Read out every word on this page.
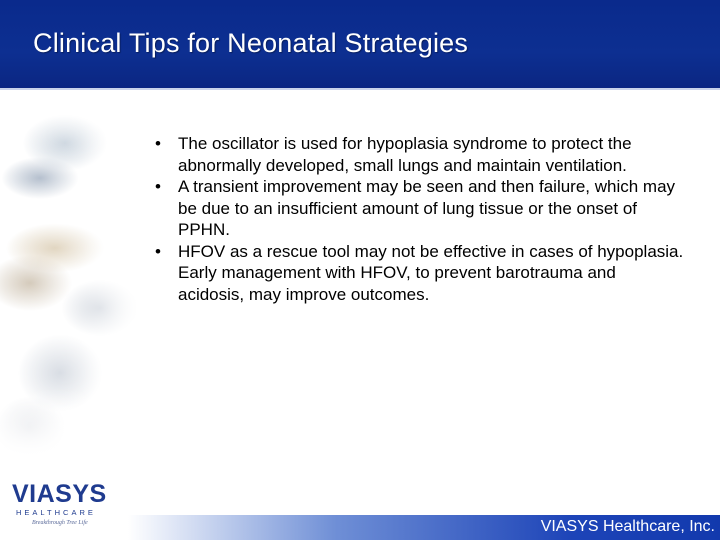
Clinical Tips for Neonatal Strategies
• The oscillator is used for hypoplasia syndrome to protect the abnormally developed, small lungs and maintain ventilation.
• A transient improvement may be seen and then failure, which may be due to an insufficient amount of lung tissue or the onset of PPHN.
• HFOV as a rescue tool may not be effective in cases of hypoplasia. Early management with HFOV, to prevent barotrauma and acidosis, may improve outcomes.
VIASYS
HEALTHCARE
Breakthrough Tree Life	VIASYS Healthcare, Inc.
